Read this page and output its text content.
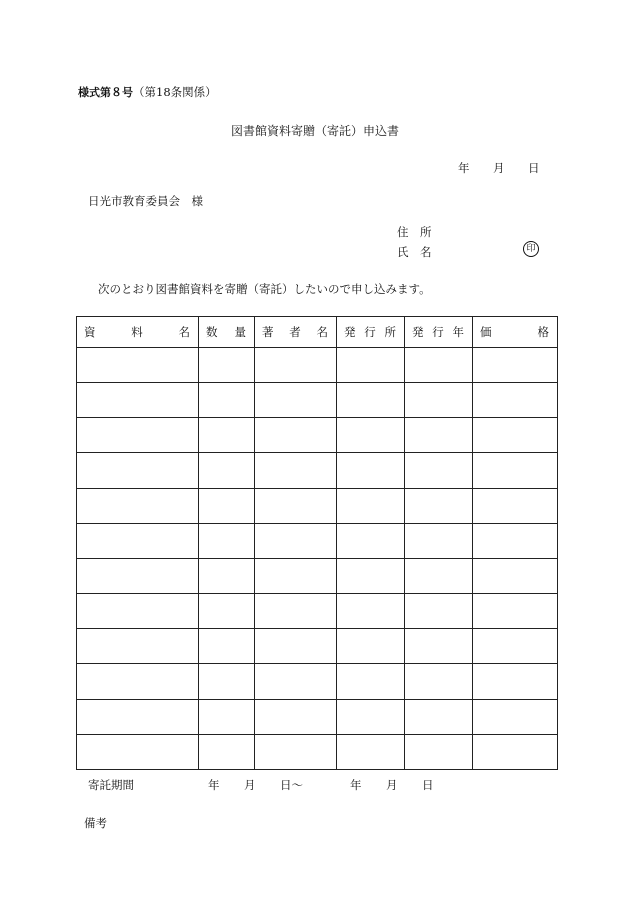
様式第８号（第18条関係）
図書館資料寄贈（寄託）申込書
年 月 日
日光市教育委員会　様
住　所
氏　名	印
次のとおり図書館資料を寄贈（寄託）したいので申し込みます。
資 料 名	数 量	著 者 名	発 行 所	発 行 年	価 格

寄託期間	年 月 日～	年 月 日
備考
